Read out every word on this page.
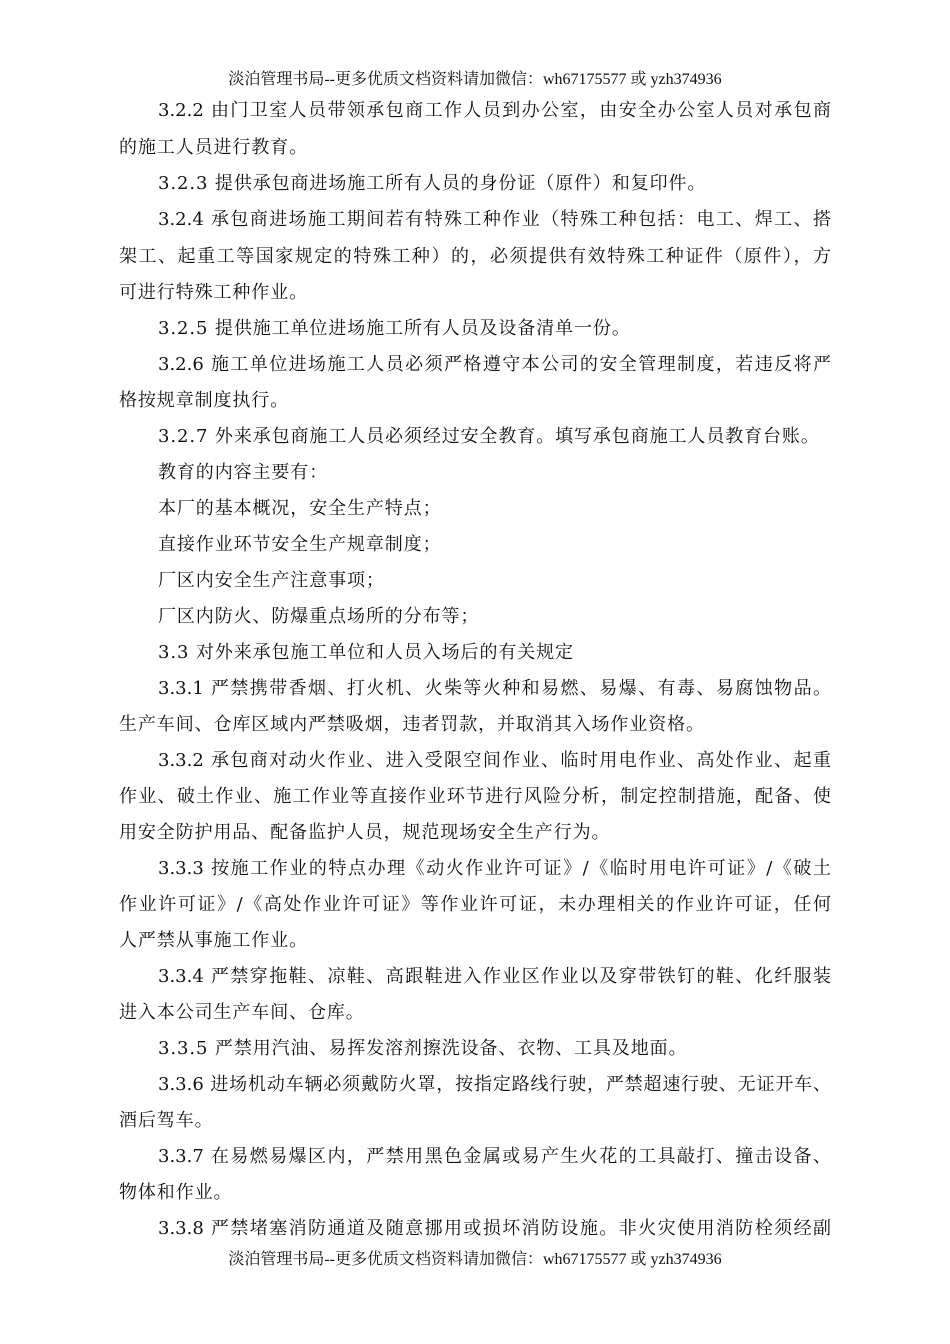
淡泊管理书局--更多优质文档资料请加微信：wh67175577 或 yzh374936
3.2.2 由门卫室人员带领承包商工作人员到办公室，由安全办公室人员对承包商
的施工人员进行教育。
3.2.3 提供承包商进场施工所有人员的身份证（原件）和复印件。
3.2.4 承包商进场施工期间若有特殊工种作业（特殊工种包括：电工、焊工、搭
架工、起重工等国家规定的特殊工种）的，必须提供有效特殊工种证件（原件），方
可进行特殊工种作业。
3.2.5 提供施工单位进场施工所有人员及设备清单一份。
3.2.6 施工单位进场施工人员必须严格遵守本公司的安全管理制度，若违反将严
格按规章制度执行。
3.2.7 外来承包商施工人员必须经过安全教育。填写承包商施工人员教育台账。
教育的内容主要有：
本厂的基本概况，安全生产特点；
直接作业环节安全生产规章制度；
厂区内安全生产注意事项；
厂区内防火、防爆重点场所的分布等；
3.3 对外来承包施工单位和人员入场后的有关规定
3.3.1 严禁携带香烟、打火机、火柴等火种和易燃、易爆、有毒、易腐蚀物品。
生产车间、仓库区域内严禁吸烟，违者罚款，并取消其入场作业资格。
3.3.2 承包商对动火作业、进入受限空间作业、临时用电作业、高处作业、起重
作业、破土作业、施工作业等直接作业环节进行风险分析，制定控制措施，配备、使
用安全防护用品、配备监护人员，规范现场安全生产行为。
3.3.3 按施工作业的特点办理《动火作业许可证》/《临时用电许可证》/《破土
作业许可证》/《高处作业许可证》等作业许可证，未办理相关的作业许可证，任何
人严禁从事施工作业。
3.3.4 严禁穿拖鞋、凉鞋、高跟鞋进入作业区作业以及穿带铁钉的鞋、化纤服装
进入本公司生产车间、仓库。
3.3.5 严禁用汽油、易挥发溶剂擦洗设备、衣物、工具及地面。
3.3.6 进场机动车辆必须戴防火罩，按指定路线行驶，严禁超速行驶、无证开车、
酒后驾车。
3.3.7 在易燃易爆区内，严禁用黑色金属或易产生火花的工具敲打、撞击设备、
物体和作业。
3.3.8 严禁堵塞消防通道及随意挪用或损坏消防设施。非火灾使用消防栓须经副
淡泊管理书局--更多优质文档资料请加微信：wh67175577 或 yzh374936
